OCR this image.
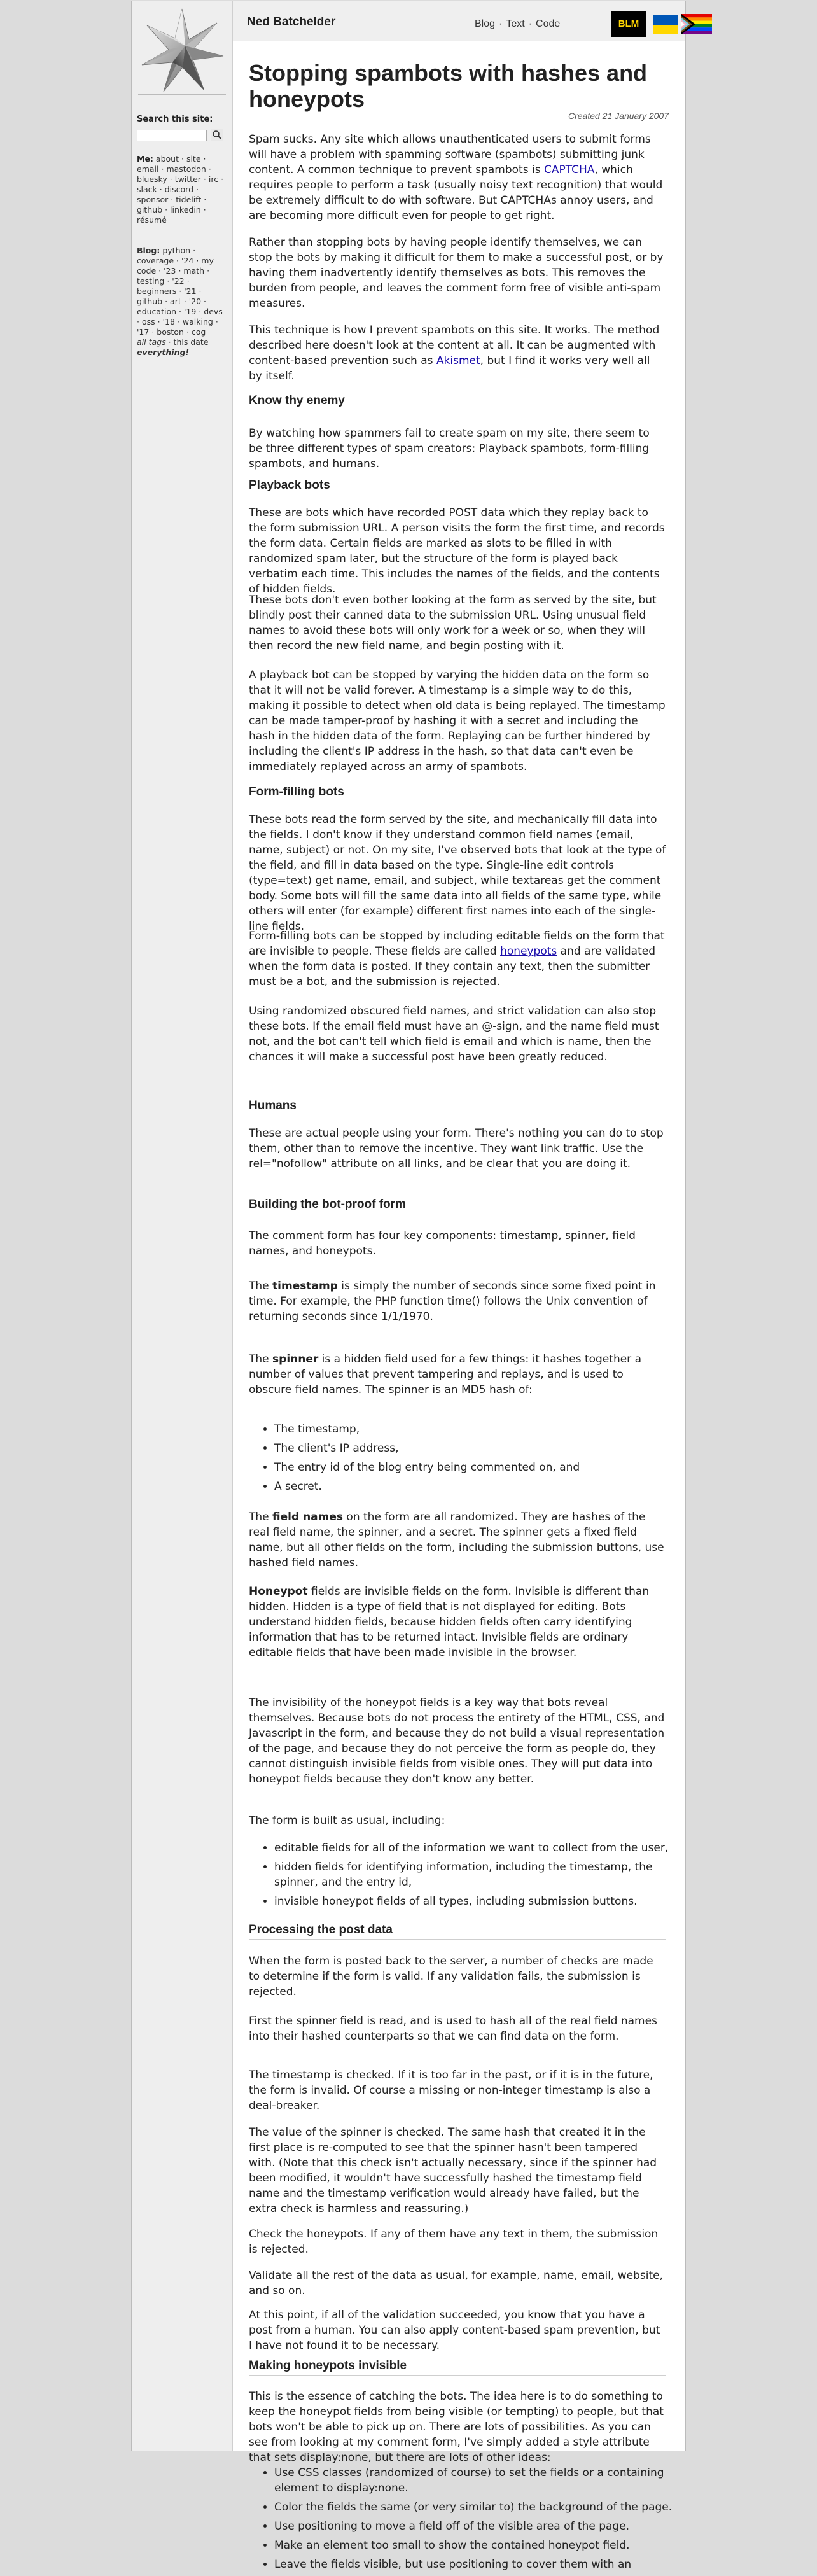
Search this site:
Me: about · site · email · mastodon · bluesky · twitter · irc · slack · discord · sponsor · tidelift · github · linkedin · résumé
Blog: python · coverage · '24 · my code · '23 · math · testing · '22 · beginners · '21 · github · art · '20 · education · '19 · devs · oss · '18 · walking · '17 · boston · cog
all tags · this date
everything!
Ned Batchelder	Blog · Text · Code	BLM
Stopping spambots with hashes and honeypots
Created 21 January 2007

Spam sucks. Any site which allows unauthenticated users to submit forms will have a problem with spamming software (spambots) submitting junk content. A common technique to prevent spambots is CAPTCHA, which requires people to perform a task (usually noisy text recognition) that would be extremely difficult to do with software. But CAPTCHAs annoy users, and are becoming more difficult even for people to get right.

Rather than stopping bots by having people identify themselves, we can stop the bots by making it difficult for them to make a successful post, or by having them inadvertently identify themselves as bots. This removes the burden from people, and leaves the comment form free of visible anti-spam measures.

This technique is how I prevent spambots on this site. It works. The method described here doesn't look at the content at all. It can be augmented with content-based prevention such as Akismet, but I find it works very well all by itself.

Know thy enemy

By watching how spammers fail to create spam on my site, there seem to be three different types of spam creators: Playback spambots, form-filling spambots, and humans.

Playback bots

These are bots which have recorded POST data which they replay back to the form submission URL. A person visits the form the first time, and records the form data. Certain fields are marked as slots to be filled in with randomized spam later, but the structure of the form is played back verbatim each time. This includes the names of the fields, and the contents of hidden fields.

These bots don't even bother looking at the form as served by the site, but blindly post their canned data to the submission URL. Using unusual field names to avoid these bots will only work for a week or so, when they will then record the new field name, and begin posting with it.

A playback bot can be stopped by varying the hidden data on the form so that it will not be valid forever. A timestamp is a simple way to do this, making it possible to detect when old data is being replayed. The timestamp can be made tamper-proof by hashing it with a secret and including the hash in the hidden data of the form. Replaying can be further hindered by including the client's IP address in the hash, so that data can't even be immediately replayed across an army of spambots.

Form-filling bots

These bots read the form served by the site, and mechanically fill data into the fields. I don't know if they understand common field names (email, name, subject) or not. On my site, I've observed bots that look at the type of the field, and fill in data based on the type. Single-line edit controls (type=text) get name, email, and subject, while textareas get the comment body. Some bots will fill the same data into all fields of the same type, while others will enter (for example) different first names into each of the single-line fields.

Form-filling bots can be stopped by including editable fields on the form that are invisible to people. These fields are called honeypots and are validated when the form data is posted. If they contain any text, then the submitter must be a bot, and the submission is rejected.

Using randomized obscured field names, and strict validation can also stop these bots. If the email field must have an @-sign, and the name field must not, and the bot can't tell which field is email and which is name, then the chances it will make a successful post have been greatly reduced.

Humans

These are actual people using your form. There's nothing you can do to stop them, other than to remove the incentive. They want link traffic. Use the rel="nofollow" attribute on all links, and be clear that you are doing it.

Building the bot-proof form

The comment form has four key components: timestamp, spinner, field names, and honeypots.

The timestamp is simply the number of seconds since some fixed point in time. For example, the PHP function time() follows the Unix convention of returning seconds since 1/1/1970.

The spinner is a hidden field used for a few things: it hashes together a number of values that prevent tampering and replays, and is used to obscure field names. The spinner is an MD5 hash of:

• The timestamp,
• The client's IP address,
• The entry id of the blog entry being commented on, and
• A secret.

The field names on the form are all randomized. They are hashes of the real field name, the spinner, and a secret. The spinner gets a fixed field name, but all other fields on the form, including the submission buttons, use hashed field names.

Honeypot fields are invisible fields on the form. Invisible is different than hidden. Hidden is a type of field that is not displayed for editing. Bots understand hidden fields, because hidden fields often carry identifying information that has to be returned intact. Invisible fields are ordinary editable fields that have been made invisible in the browser.

The invisibility of the honeypot fields is a key way that bots reveal themselves. Because bots do not process the entirety of the HTML, CSS, and Javascript in the form, and because they do not build a visual representation of the page, and because they do not perceive the form as people do, they cannot distinguish invisible fields from visible ones. They will put data into honeypot fields because they don't know any better.

The form is built as usual, including:

• editable fields for all of the information we want to collect from the user,
• hidden fields for identifying information, including the timestamp, the spinner, and the entry id,
• invisible honeypot fields of all types, including submission buttons.
Processing the post data

When the form is posted back to the server, a number of checks are made to determine if the form is valid. If any validation fails, the submission is rejected.

First the spinner field is read, and is used to hash all of the real field names into their hashed counterparts so that we can find data on the form.

The timestamp is checked. If it is too far in the past, or if it is in the future, the form is invalid. Of course a missing or non-integer timestamp is also a deal-breaker.

The value of the spinner is checked. The same hash that created it in the first place is re-computed to see that the spinner hasn't been tampered with. (Note that this check isn't actually necessary, since if the spinner had been modified, it wouldn't have successfully hashed the timestamp field name and the timestamp verification would already have failed, but the extra check is harmless and reassuring.)

Check the honeypots. If any of them have any text in them, the submission is rejected.

Validate all the rest of the data as usual, for example, name, email, website, and so on.

At this point, if all of the validation succeeded, you know that you have a post from a human. You can also apply content-based spam prevention, but I have not found it to be necessary.

Making honeypots invisible

This is the essence of catching the bots. The idea here is to do something to keep the honeypot fields from being visible (or tempting) to people, but that bots won't be able to pick up on. There are lots of possibilities. As you can see from looking at my comment form, I've simply added a style attribute that sets display:none, but there are lots of other ideas:

• Use CSS classes (randomized of course) to set the fields or a containing element to display:none.
• Color the fields the same (or very similar to) the background of the page.
• Use positioning to move a field off of the visible area of the page.
• Make an element too small to show the contained honeypot field.
• Leave the fields visible, but use positioning to cover them with an
